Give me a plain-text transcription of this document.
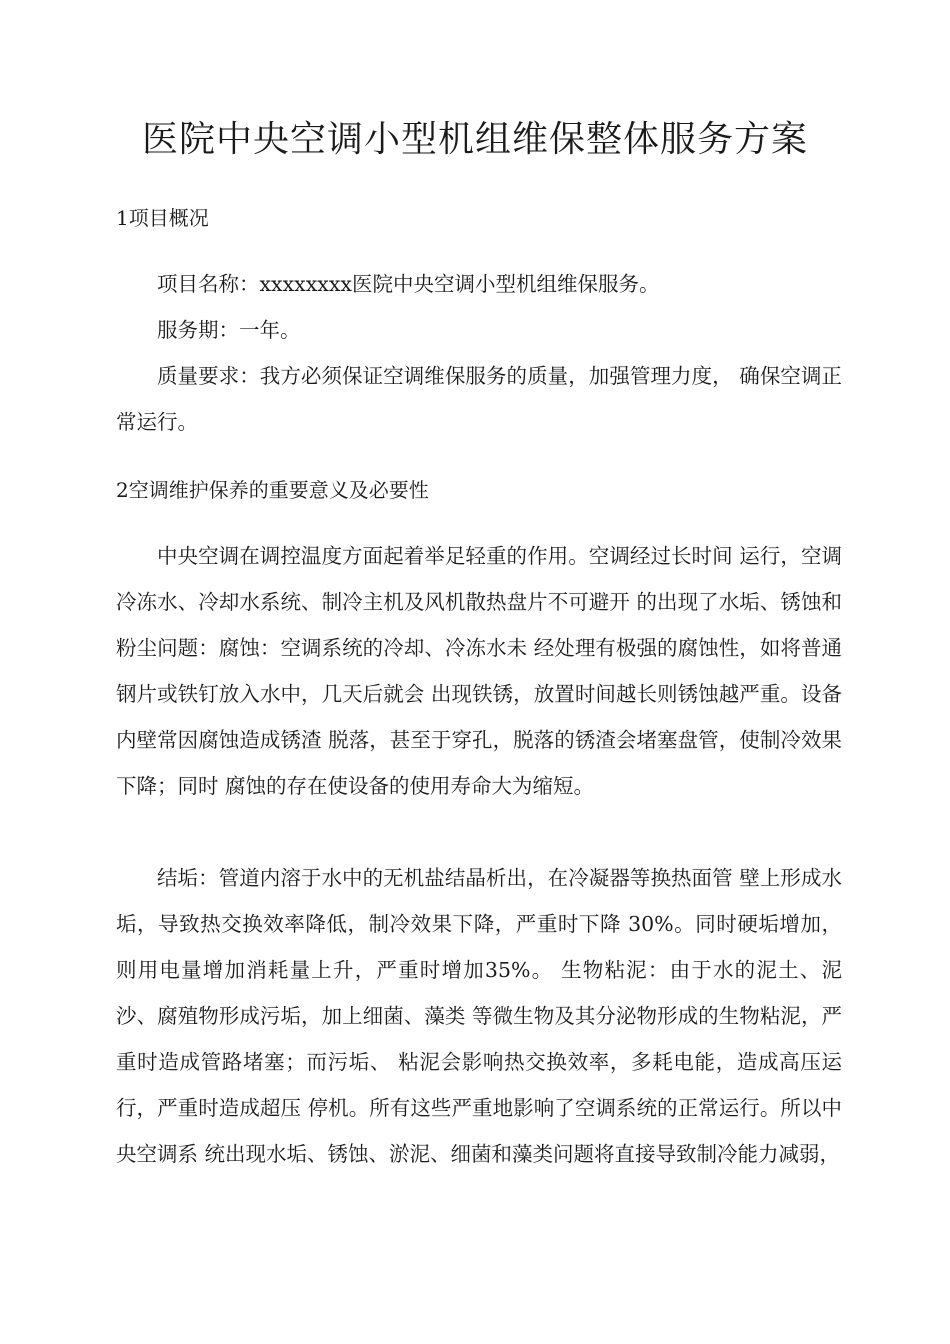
医院中央空调小型机组维保整体服务方案
1项目概况

项目名称：xxxxxxxx医院中央空调小型机组维保服务。

服务期：一年。

质量要求：我方必须保证空调维保服务的质量，加强管理力度， 确保空调正常运行。

2空调维护保养的重要意义及必要性

中央空调在调控温度方面起着举足轻重的作用。空调经过长时间 运行，空调冷冻水、冷却水系统、制冷主机及风机散热盘片不可避开 的出现了水垢、锈蚀和粉尘问题：腐蚀：空调系统的冷却、冷冻水未 经处理有极强的腐蚀性，如将普通钢片或铁钉放入水中，几天后就会 出现铁锈，放置时间越长则锈蚀越严重。设备内壁常因腐蚀造成锈渣 脱落，甚至于穿孔，脱落的锈渣会堵塞盘管，使制冷效果下降；同时 腐蚀的存在使设备的使用寿命大为缩短。

结垢：管道内溶于水中的无机盐结晶析出，在冷凝器等换热面管 壁上形成水垢，导致热交换效率降低，制冷效果下降，严重时下降 30%。同时硬垢增加，则用电量增加消耗量上升，严重时增加35%。 生物粘泥：由于水的泥土、泥沙、腐殖物形成污垢，加上细菌、藻类 等微生物及其分泌物形成的生物粘泥，严重时造成管路堵塞；而污垢、 粘泥会影响热交换效率，多耗电能，造成高压运行，严重时造成超压 停机。所有这些严重地影响了空调系统的正常运行。所以中央空调系 统出现水垢、锈蚀、淤泥、细菌和藻类问题将直接导致制冷能力减弱，
